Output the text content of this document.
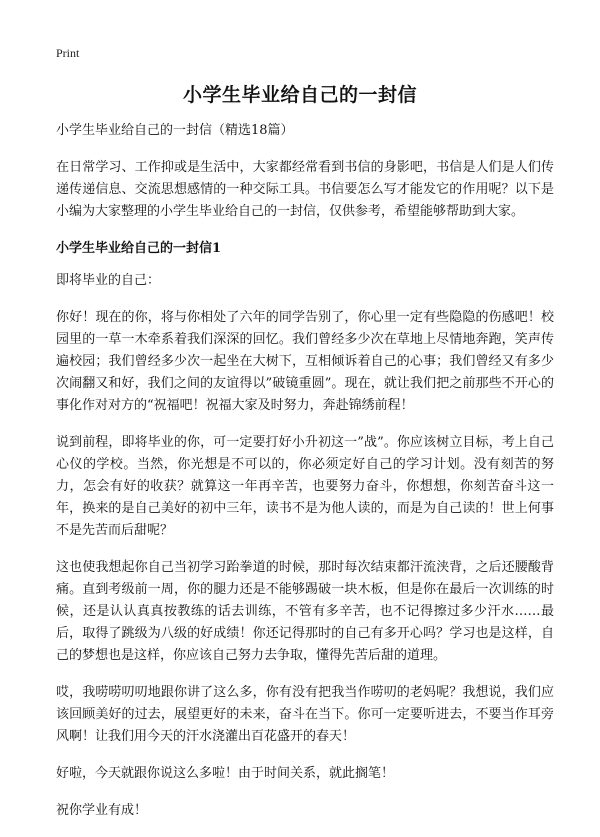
Print
小学生毕业给自己的一封信

小学生毕业给自己的一封信（精选18篇）

在日常学习、工作抑或是生活中，大家都经常看到书信的身影吧，书信是人们是人们传递传递信息、交流思想感情的一种交际工具。书信要怎么写才能发它的作用呢？以下是小编为大家整理的小学生毕业给自己的一封信，仅供参考，希望能够帮助到大家。

小学生毕业给自己的一封信1

即将毕业的自己：

你好！现在的你，将与你相处了六年的同学告别了，你心里一定有些隐隐的伤感吧！校园里的一草一木牵系着我们深深的回忆。我们曾经多少次在草地上尽情地奔跑，笑声传遍校园；我们曾经多少次一起坐在大树下，互相倾诉着自己的心事；我们曾经又有多少次闹翻又和好，我们之间的友谊得以”破镜重圆”。现在，就让我们把之前那些不开心的事化作对对方的“祝福吧！祝福大家及时努力，奔赴锦绣前程！

说到前程，即将毕业的你，可一定要打好小升初这一”战”。你应该树立目标，考上自己心仪的学校。当然，你光想是不可以的，你必须定好自己的学习计划。没有刻苦的努力，怎会有好的收获？就算这一年再辛苦，也要努力奋斗，你想想，你刻苦奋斗这一年，换来的是自己美好的初中三年，读书不是为他人读的，而是为自己读的！世上何事不是先苦而后甜呢？

这也使我想起你自己当初学习跆拳道的时候，那时每次结束都汗流浃背，之后还腰酸背痛。直到考级前一周，你的腿力还是不能够踢破一块木板，但是你在最后一次训练的时候，还是认认真真按教练的话去训练，不管有多辛苦，也不记得擦过多少汗水……最后，取得了跳级为八级的好成绩！你还记得那时的自己有多开心吗？学习也是这样，自己的梦想也是这样，你应该自己努力去争取，懂得先苦后甜的道理。

哎，我唠唠叨叨地跟你讲了这么多，你有没有把我当作唠叨的老妈呢？我想说，我们应该回顾美好的过去，展望更好的未来，奋斗在当下。你可一定要听进去，不要当作耳旁风啊！让我们用今天的汗水浇灌出百花盛开的春天！

好啦，今天就跟你说这么多啦！由于时间关系，就此搁笔！

祝你学业有成！
